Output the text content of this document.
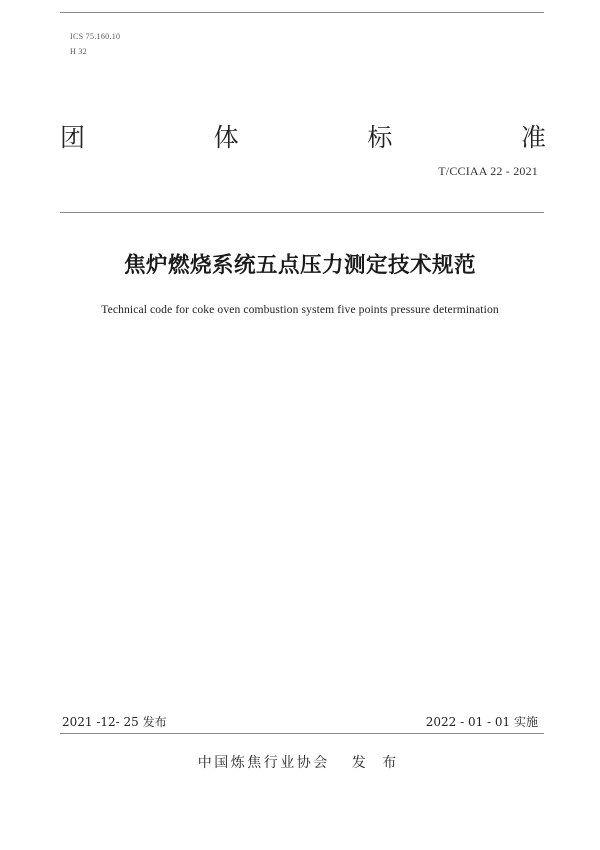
ICS 75.160.10
H 32
团	体	标	准
T/CCIAA 22 - 2021
焦炉燃烧系统五点压力测定技术规范
Technical code for coke oven combustion system five points pressure determination
2021 -12- 25 发布	2022 - 01 - 01 实施
中国炼焦行业协会 发 布
